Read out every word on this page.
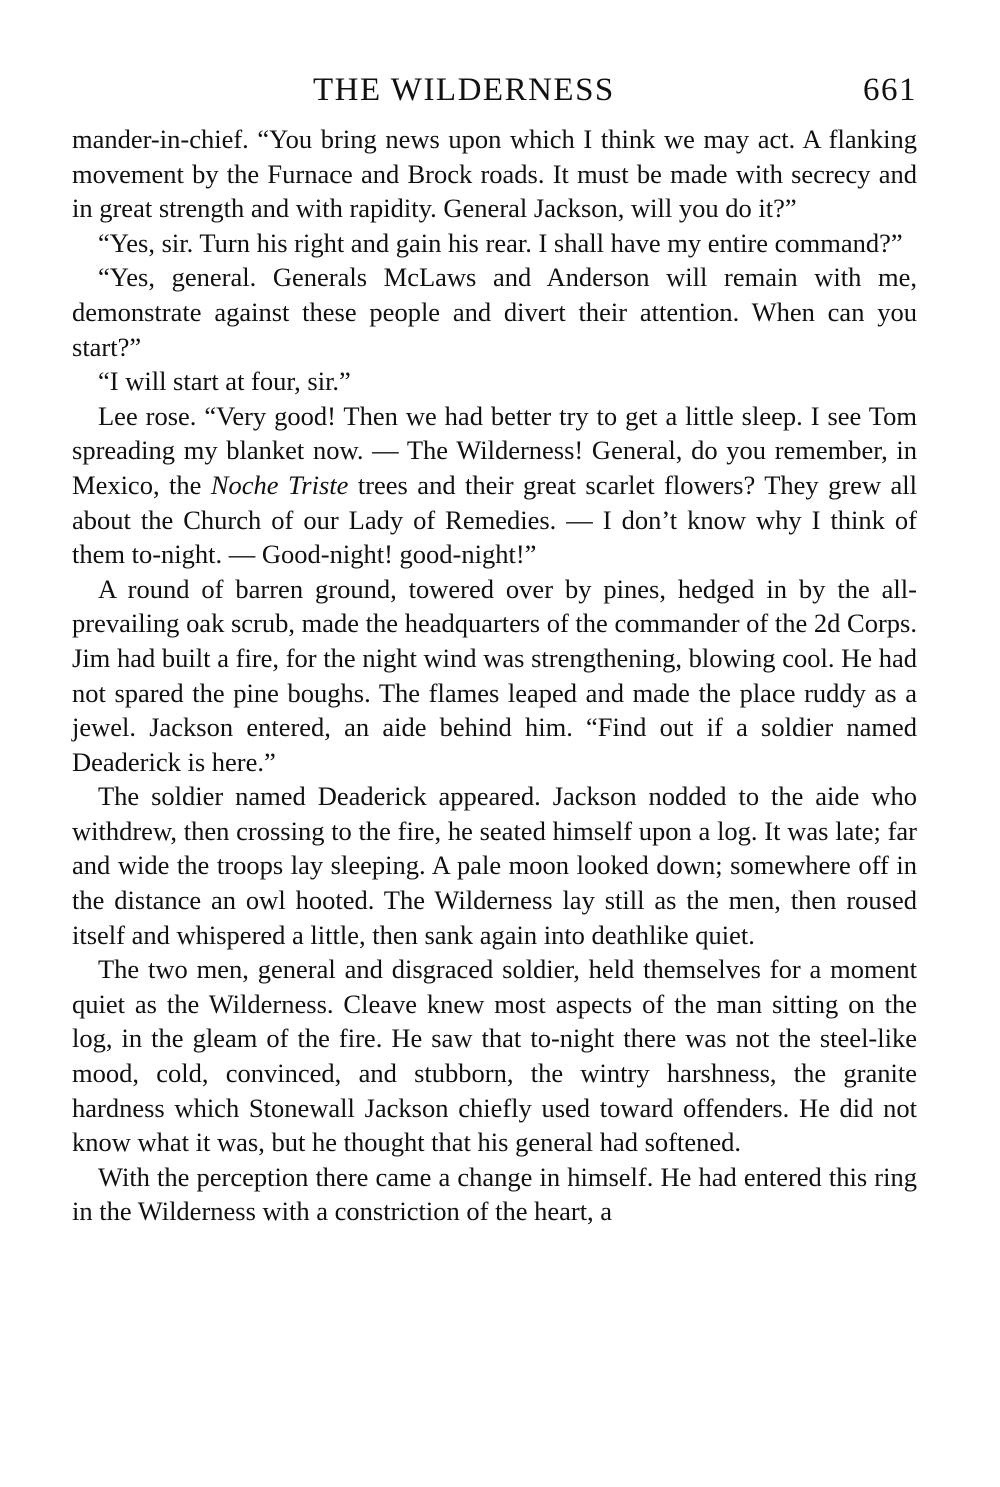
THE WILDERNESS	661

mander-in-chief. “You bring news upon which I think we may act. A flanking movement by the Furnace and Brock roads. It must be made with secrecy and in great strength and with rapidity. General Jackson, will you do it?”

“Yes, sir. Turn his right and gain his rear. I shall have my entire command?”

“Yes, general. Generals McLaws and Anderson will remain with me, demonstrate against these people and divert their attention. When can you start?”

“I will start at four, sir.”

Lee rose. “Very good! Then we had better try to get a little sleep. I see Tom spreading my blanket now. — The Wilderness! General, do you remember, in Mexico, the Noche Triste trees and their great scarlet flowers? They grew all about the Church of our Lady of Remedies. — I don’t know why I think of them to-night. — Good-night! good-night!”

A round of barren ground, towered over by pines, hedged in by the all-prevailing oak scrub, made the headquarters of the commander of the 2d Corps. Jim had built a fire, for the night wind was strengthening, blowing cool. He had not spared the pine boughs. The flames leaped and made the place ruddy as a jewel. Jackson entered, an aide behind him. “Find out if a soldier named Deaderick is here.”

The soldier named Deaderick appeared. Jackson nodded to the aide who withdrew, then crossing to the fire, he seated himself upon a log. It was late; far and wide the troops lay sleeping. A pale moon looked down; somewhere off in the distance an owl hooted. The Wilderness lay still as the men, then roused itself and whispered a little, then sank again into deathlike quiet.

The two men, general and disgraced soldier, held themselves for a moment quiet as the Wilderness. Cleave knew most aspects of the man sitting on the log, in the gleam of the fire. He saw that to-night there was not the steel-like mood, cold, convinced, and stubborn, the wintry harshness, the granite hardness which Stonewall Jackson chiefly used toward offenders. He did not know what it was, but he thought that his general had softened.

With the perception there came a change in himself. He had entered this ring in the Wilderness with a constriction of the heart, a
